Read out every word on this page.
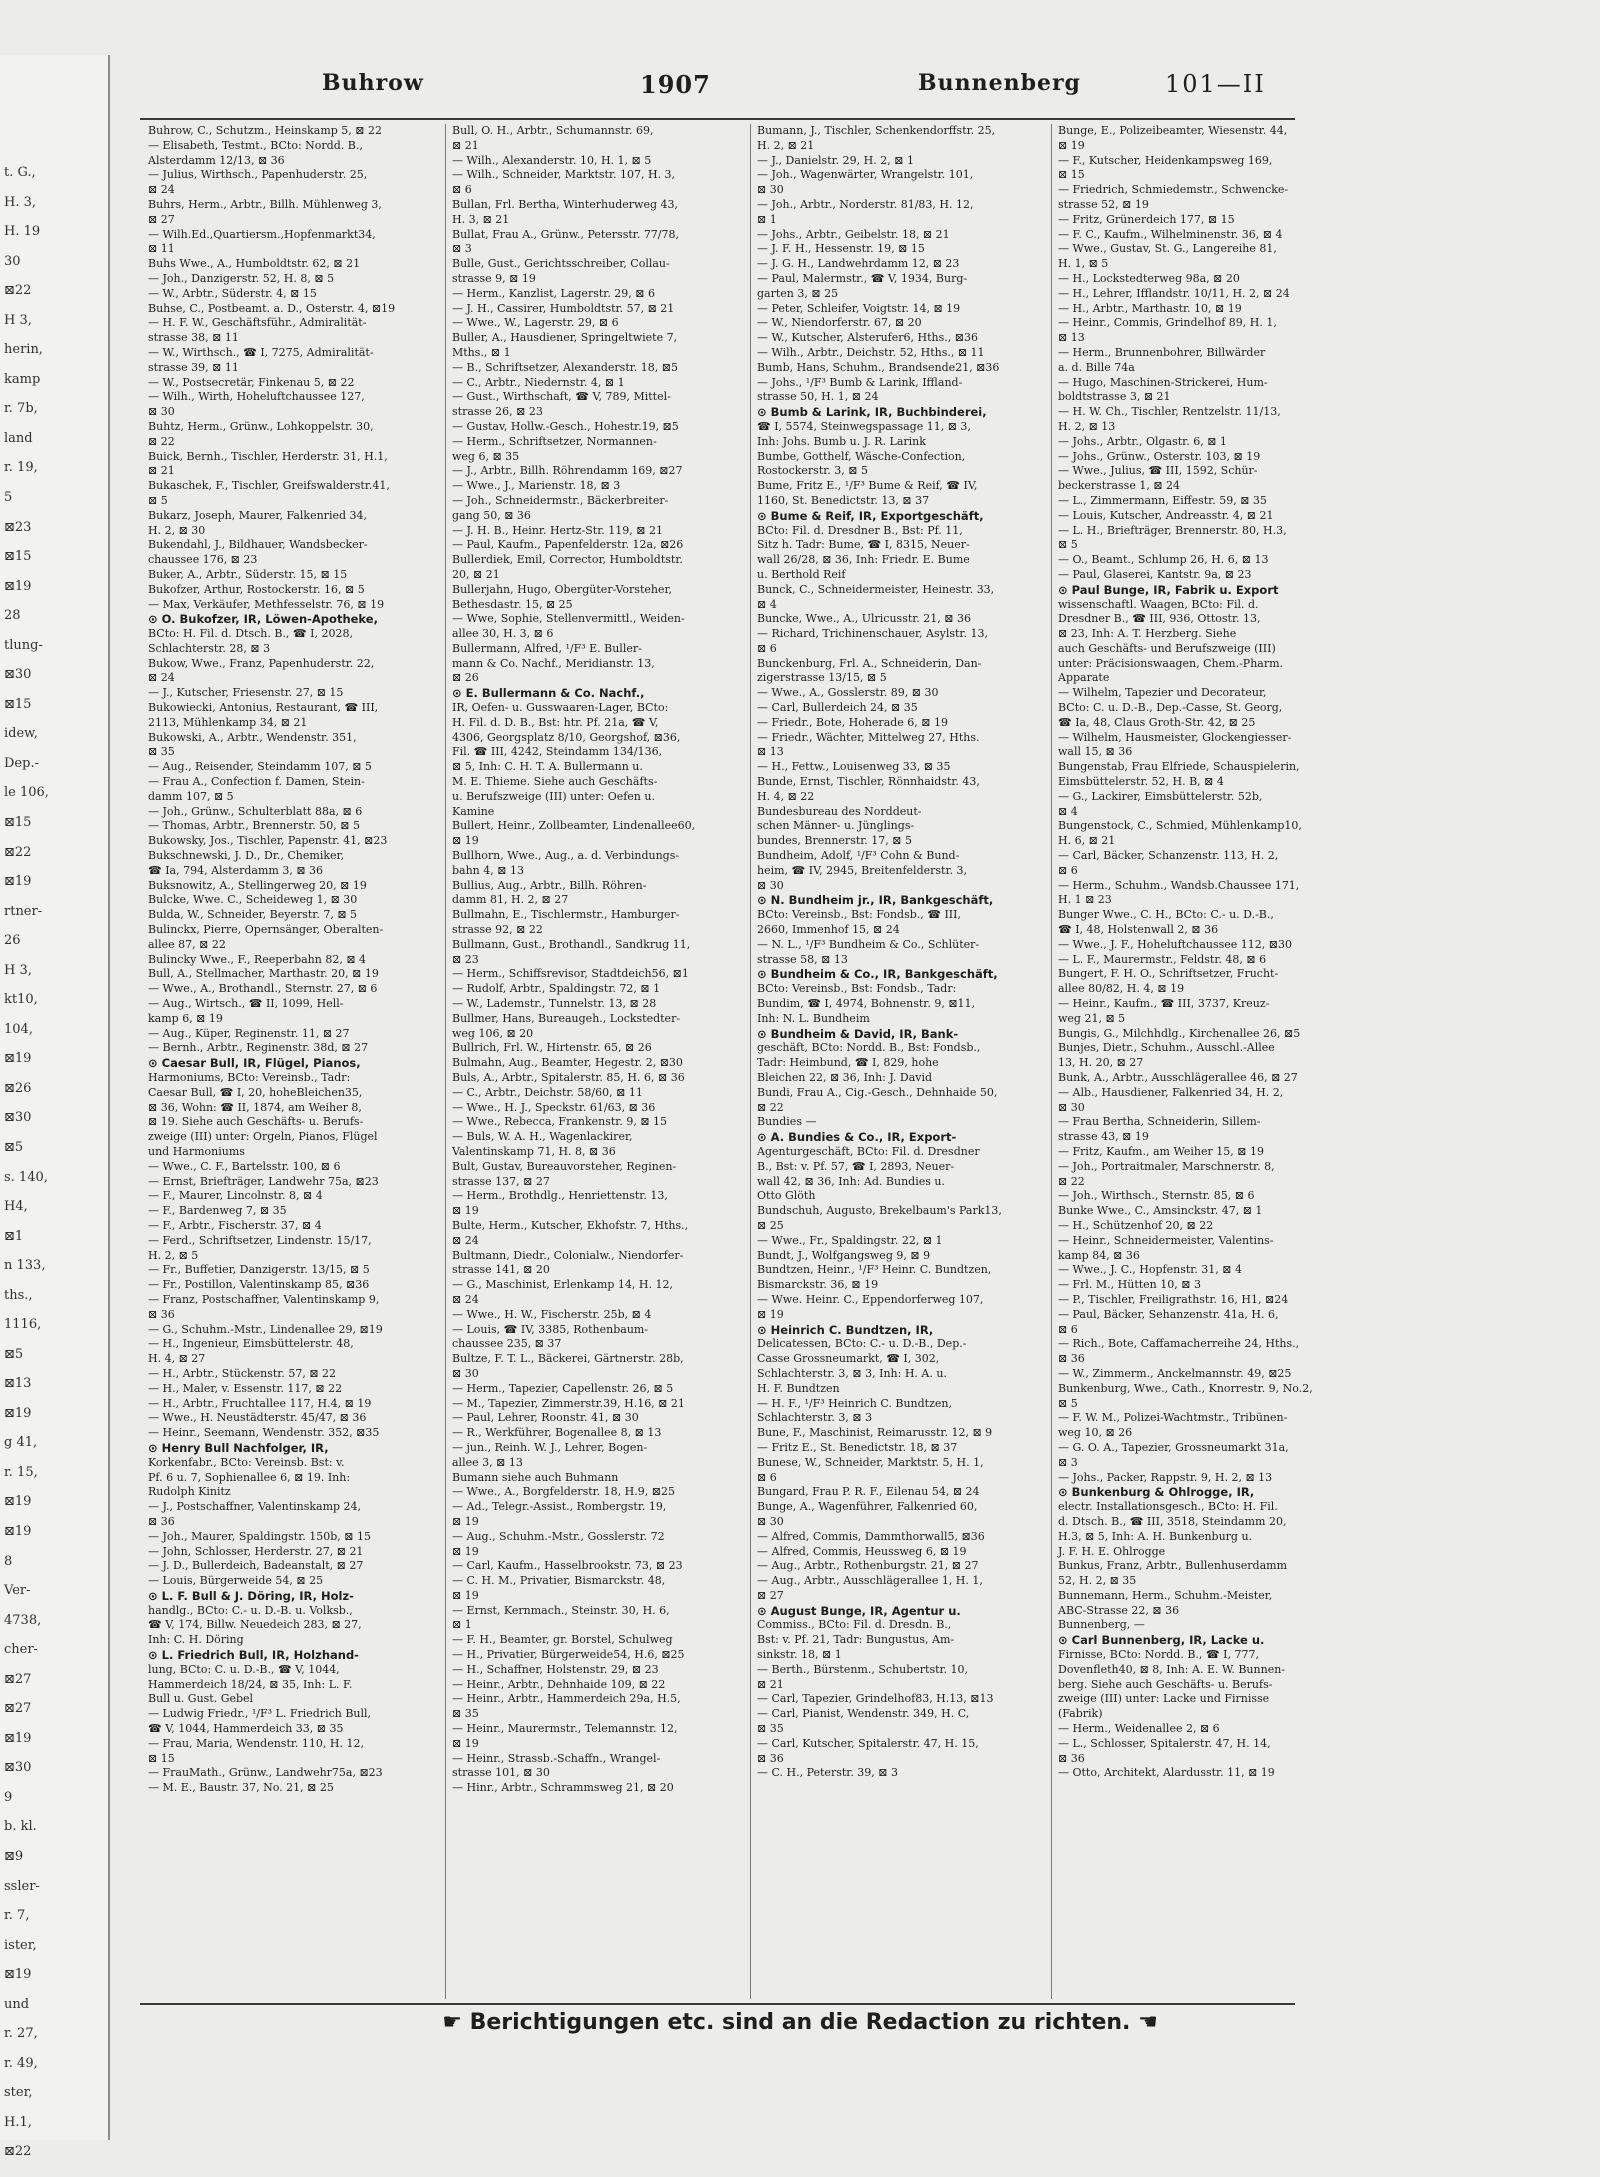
t. G.,
H. 3,
H. 19
30
⊠22
H 3,
herin,
kamp
r. 7b,
land
r. 19,
5
⊠23
⊠15
⊠19
28
tlung-
⊠30
⊠15
idew,
Dep.-
le 106,
⊠15
⊠22
⊠19
rtner-
26
H 3,
kt10,
104,
⊠19
⊠26
⊠30
⊠5
s. 140,
H4,
⊠1
n 133,
ths.,
1116,
⊠5
⊠13
⊠19
g 41,
r. 15,
⊠19
⊠19
8
Ver-
4738,
cher-
⊠27
⊠27
⊠19
⊠30
9
b. kl.
⊠9
ssler-
r. 7,
ister,
⊠19
und
r. 27,
r. 49,
ster,
H.1,
⊠22
Buhrow	1907	Bunnenberg	101—II

Buhrow, C., Schutzm., Heinskamp 5, ⊠ 22

— Elisabeth, Testmt., BCto: Nordd. B.,

Alsterdamm 12/13, ⊠ 36

— Julius, Wirthsch., Papenhuderstr. 25,

⊠ 24

Buhrs, Herm., Arbtr., Billh. Mühlenweg 3,

⊠ 27

— Wilh.Ed.,Quartiersm.,Hopfenmarkt34,

⊠ 11

Buhs Wwe., A., Humboldtstr. 62, ⊠ 21

— Joh., Danzigerstr. 52, H. 8, ⊠ 5

— W., Arbtr., Süderstr. 4, ⊠ 15

Buhse, C., Postbeamt. a. D., Osterstr. 4, ⊠19

— H. F. W., Geschäftsführ., Admiralität-

strasse 38, ⊠ 11

— W., Wirthsch., ☎ I, 7275, Admiralität-

strasse 39, ⊠ 11

— W., Postsecretär, Finkenau 5, ⊠ 22

— Wilh., Wirth, Hoheluftchaussee 127,

⊠ 30

Buhtz, Herm., Grünw., Lohkoppelstr. 30,

⊠ 22

Buick, Bernh., Tischler, Herderstr. 31, H.1,

⊠ 21

Bukaschek, F., Tischler, Greifswalderstr.41,

⊠ 5

Bukarz, Joseph, Maurer, Falkenried 34,

H. 2, ⊠ 30

Bukendahl, J., Bildhauer, Wandsbecker-

chaussee 176, ⊠ 23

Buker, A., Arbtr., Süderstr. 15, ⊠ 15

Bukofzer, Arthur, Rostockerstr. 16, ⊠ 5

— Max, Verkäufer, Methfesselstr. 76, ⊠ 19

⊙ O. Bukofzer, IR, Löwen-Apotheke,

BCto: H. Fil. d. Dtsch. B., ☎ I, 2028,

Schlachterstr. 28, ⊠ 3

Bukow, Wwe., Franz, Papenhuderstr. 22,

⊠ 24

— J., Kutscher, Friesenstr. 27, ⊠ 15

Bukowiecki, Antonius, Restaurant, ☎ III,

2113, Mühlenkamp 34, ⊠ 21

Bukowski, A., Arbtr., Wendenstr. 351,

⊠ 35

— Aug., Reisender, Steindamm 107, ⊠ 5

— Frau A., Confection f. Damen, Stein-

damm 107, ⊠ 5

— Joh., Grünw., Schulterblatt 88a, ⊠ 6

— Thomas, Arbtr., Brennerstr. 50, ⊠ 5

Bukowsky, Jos., Tischler, Papenstr. 41, ⊠23

Bukschnewski, J. D., Dr., Chemiker,

☎ Ia, 794, Alsterdamm 3, ⊠ 36

Buksnowitz, A., Stellingerweg 20, ⊠ 19

Bulcke, Wwe. C., Scheideweg 1, ⊠ 30

Bulda, W., Schneider, Beyerstr. 7, ⊠ 5

Bulinckx, Pierre, Opernsänger, Oberalten-

allee 87, ⊠ 22

Bulincky Wwe., F., Reeperbahn 82, ⊠ 4

Bull, A., Stellmacher, Marthastr. 20, ⊠ 19

— Wwe., A., Brothandl., Sternstr. 27, ⊠ 6

— Aug., Wirtsch., ☎ II, 1099, Hell-

kamp 6, ⊠ 19

— Aug., Küper, Reginenstr. 11, ⊠ 27

— Bernh., Arbtr., Reginenstr. 38d, ⊠ 27

⊙ Caesar Bull, IR, Flügel, Pianos,

Harmoniums, BCto: Vereinsb., Tadr:

Caesar Bull, ☎ I, 20, hoheBleichen35,

⊠ 36, Wohn: ☎ II, 1874, am Weiher 8,

⊠ 19. Siehe auch Geschäfts- u. Berufs-

zweige (III) unter: Orgeln, Pianos, Flügel

und Harmoniums

— Wwe., C. F., Bartelsstr. 100, ⊠ 6

— Ernst, Briefträger, Landwehr 75a, ⊠23

— F., Maurer, Lincolnstr. 8, ⊠ 4

— F., Bardenweg 7, ⊠ 35

— F., Arbtr., Fischerstr. 37, ⊠ 4

— Ferd., Schriftsetzer, Lindenstr. 15/17,

H. 2, ⊠ 5

— Fr., Buffetier, Danzigerstr. 13/15, ⊠ 5

— Fr., Postillon, Valentinskamp 85, ⊠36

— Franz, Postschaffner, Valentinskamp 9,

⊠ 36

— G., Schuhm.-Mstr., Lindenallee 29, ⊠19

— H., Ingenieur, Eimsbüttelerstr. 48,

H. 4, ⊠ 27

— H., Arbtr., Stückenstr. 57, ⊠ 22

— H., Maler, v. Essenstr. 117, ⊠ 22

— H., Arbtr., Fruchtallee 117, H.4, ⊠ 19

— Wwe., H. Neustädterstr. 45/47, ⊠ 36

— Heinr., Seemann, Wendenstr. 352, ⊠35

⊙ Henry Bull Nachfolger, IR,

Korkenfabr., BCto: Vereinsb. Bst: v.

Pf. 6 u. 7, Sophienallee 6, ⊠ 19. Inh:

Rudolph Kinitz

— J., Postschaffner, Valentinskamp 24,

⊠ 36

— Joh., Maurer, Spaldingstr. 150b, ⊠ 15

— John, Schlosser, Herderstr. 27, ⊠ 21

— J. D., Bullerdeich, Badeanstalt, ⊠ 27

— Louis, Bürgerweide 54, ⊠ 25

⊙ L. F. Bull & J. Döring, IR, Holz-

handlg., BCto: C.- u. D.-B. u. Volksb.,

☎ V, 174, Billw. Neuedeich 283, ⊠ 27,

Inh: C. H. Döring

⊙ L. Friedrich Bull, IR, Holzhand-

lung, BCto: C. u. D.-B., ☎ V, 1044,

Hammerdeich 18/24, ⊠ 35, Inh: L. F.

Bull u. Gust. Gebel

— Ludwig Friedr., ¹/F³ L. Friedrich Bull,

☎ V, 1044, Hammerdeich 33, ⊠ 35

— Frau, Maria, Wendenstr. 110, H. 12,

⊠ 15

— FrauMath., Grünw., Landwehr75a, ⊠23

— M. E., Baustr. 37, No. 21, ⊠ 25

Bull, O. H., Arbtr., Schumannstr. 69,

⊠ 21

— Wilh., Alexanderstr. 10, H. 1, ⊠ 5

— Wilh., Schneider, Marktstr. 107, H. 3,

⊠ 6

Bullan, Frl. Bertha, Winterhuderweg 43,

H. 3, ⊠ 21

Bullat, Frau A., Grünw., Petersstr. 77/78,

⊠ 3

Bulle, Gust., Gerichtsschreiber, Collau-

strasse 9, ⊠ 19

— Herm., Kanzlist, Lagerstr. 29, ⊠ 6

— J. H., Cassirer, Humboldtstr. 57, ⊠ 21

— Wwe., W., Lagerstr. 29, ⊠ 6

Buller, A., Hausdiener, Springeltwiete 7,

Mths., ⊠ 1

— B., Schriftsetzer, Alexanderstr. 18, ⊠5

— C., Arbtr., Niedernstr. 4, ⊠ 1

— Gust., Wirthschaft, ☎ V, 789, Mittel-

strasse 26, ⊠ 23

— Gustav, Hollw.-Gesch., Hohestr.19, ⊠5

— Herm., Schriftsetzer, Normannen-

weg 6, ⊠ 35

— J., Arbtr., Billh. Röhrendamm 169, ⊠27

— Wwe., J., Marienstr. 18, ⊠ 3

— Joh., Schneidermstr., Bäckerbreiter-

gang 50, ⊠ 36

— J. H. B., Heinr. Hertz-Str. 119, ⊠ 21

— Paul, Kaufm., Papenfelderstr. 12a, ⊠26

Bullerdiek, Emil, Corrector, Humboldtstr.

20, ⊠ 21

Bullerjahn, Hugo, Obergüter-Vorsteher,

Bethesdastr. 15, ⊠ 25

— Wwe, Sophie, Stellenvermittl., Weiden-

allee 30, H. 3, ⊠ 6

Bullermann, Alfred, ¹/F³ E. Buller-

mann & Co. Nachf., Meridianstr. 13,

⊠ 26

⊙ E. Bullermann & Co. Nachf.,

IR, Oefen- u. Gusswaaren-Lager, BCto:

H. Fil. d. D. B., Bst: htr. Pf. 21a, ☎ V,

4306, Georgsplatz 8/10, Georgshof, ⊠36,

Fil. ☎ III, 4242, Steindamm 134/136,

⊠ 5, Inh: C. H. T. A. Bullermann u.

M. E. Thieme. Siehe auch Geschäfts-

u. Berufszweige (III) unter: Oefen u.

Kamine

Bullert, Heinr., Zollbeamter, Lindenallee60,

⊠ 19

Bullhorn, Wwe., Aug., a. d. Verbindungs-

bahn 4, ⊠ 13

Bullius, Aug., Arbtr., Billh. Röhren-

damm 81, H. 2, ⊠ 27

Bullmahn, E., Tischlermstr., Hamburger-

strasse 92, ⊠ 22

Bullmann, Gust., Brothandl., Sandkrug 11,

⊠ 23

— Herm., Schiffsrevisor, Stadtdeich56, ⊠1

— Rudolf, Arbtr., Spaldingstr. 72, ⊠ 1

— W., Lademstr., Tunnelstr. 13, ⊠ 28

Bullmer, Hans, Bureaugeh., Lockstedter-

weg 106, ⊠ 20

Bullrich, Frl. W., Hirtenstr. 65, ⊠ 26

Bulmahn, Aug., Beamter, Hegestr. 2, ⊠30

Buls, A., Arbtr., Spitalerstr. 85, H. 6, ⊠ 36

— C., Arbtr., Deichstr. 58/60, ⊠ 11

— Wwe., H. J., Speckstr. 61/63, ⊠ 36

— Wwe., Rebecca, Frankenstr. 9, ⊠ 15

— Buls, W. A. H., Wagenlackirer,

Valentinskamp 71, H. 8, ⊠ 36

Bult, Gustav, Bureauvorsteher, Reginen-

strasse 137, ⊠ 27

— Herm., Brothdlg., Henriettenstr. 13,

⊠ 19

Bulte, Herm., Kutscher, Ekhofstr. 7, Hths.,

⊠ 24

Bultmann, Diedr., Colonialw., Niendorfer-

strasse 141, ⊠ 20

— G., Maschinist, Erlenkamp 14, H. 12,

⊠ 24

— Wwe., H. W., Fischerstr. 25b, ⊠ 4

— Louis, ☎ IV, 3385, Rothenbaum-

chaussee 235, ⊠ 37

Bultze, F. T. L., Bäckerei, Gärtnerstr. 28b,

⊠ 30

— Herm., Tapezier, Capellenstr. 26, ⊠ 5

— M., Tapezier, Zimmerstr.39, H.16, ⊠ 21

— Paul, Lehrer, Roonstr. 41, ⊠ 30

— R., Werkführer, Bogenallee 8, ⊠ 13

— jun., Reinh. W. J., Lehrer, Bogen-

allee 3, ⊠ 13

Bumann siehe auch Buhmann

— Wwe., A., Borgfelderstr. 18, H.9, ⊠25

— Ad., Telegr.-Assist., Rombergstr. 19,

⊠ 19

— Aug., Schuhm.-Mstr., Gosslerstr. 72

⊠ 19

— Carl, Kaufm., Hasselbrookstr. 73, ⊠ 23

— C. H. M., Privatier, Bismarckstr. 48,

⊠ 19

— Ernst, Kernmach., Steinstr. 30, H. 6,

⊠ 1

— F. H., Beamter, gr. Borstel, Schulweg

— H., Privatier, Bürgerweide54, H.6, ⊠25

— H., Schaffner, Holstenstr. 29, ⊠ 23

— Heinr., Arbtr., Dehnhaide 109, ⊠ 22

— Heinr., Arbtr., Hammerdeich 29a, H.5,

⊠ 35

— Heinr., Maurermstr., Telemannstr. 12,

⊠ 19

— Heinr., Strassb.-Schaffn., Wrangel-

strasse 101, ⊠ 30

— Hinr., Arbtr., Schrammsweg 21, ⊠ 20

Bumann, J., Tischler, Schenkendorffstr. 25,

H. 2, ⊠ 21

— J., Danielstr. 29, H. 2, ⊠ 1

— Joh., Wagenwärter, Wrangelstr. 101,

⊠ 30

— Joh., Arbtr., Norderstr. 81/83, H. 12,

⊠ 1

— Johs., Arbtr., Geibelstr. 18, ⊠ 21

— J. F. H., Hessenstr. 19, ⊠ 15

— J. G. H., Landwehrdamm 12, ⊠ 23

— Paul, Malermstr., ☎ V, 1934, Burg-

garten 3, ⊠ 25

— Peter, Schleifer, Voigtstr. 14, ⊠ 19

— W., Niendorferstr. 67, ⊠ 20

— W., Kutscher, Alsterufer6, Hths., ⊠36

— Wilh., Arbtr., Deichstr. 52, Hths., ⊠ 11

Bumb, Hans, Schuhm., Brandsende21, ⊠36

— Johs., ¹/F³ Bumb & Larink, Iffland-

strasse 50, H. 1, ⊠ 24

⊙ Bumb & Larink, IR, Buchbinderei,

☎ I, 5574, Steinwegspassage 11, ⊠ 3,

Inh: Johs. Bumb u. J. R. Larink

Bumbe, Gotthelf, Wäsche-Confection,

Rostockerstr. 3, ⊠ 5

Bume, Fritz E., ¹/F³ Bume & Reif, ☎ IV,

1160, St. Benedictstr. 13, ⊠ 37

⊙ Bume & Reif, IR, Exportgeschäft,

BCto: Fil. d. Dresdner B., Bst: Pf. 11,

Sitz h. Tadr: Bume, ☎ I, 8315, Neuer-

wall 26/28, ⊠ 36, Inh: Friedr. E. Bume

u. Berthold Reif

Bunck, C., Schneidermeister, Heinestr. 33,

⊠ 4

Buncke, Wwe., A., Ulricusstr. 21, ⊠ 36

— Richard, Trichinenschauer, Asylstr. 13,

⊠ 6

Bunckenburg, Frl. A., Schneiderin, Dan-

zigerstrasse 13/15, ⊠ 5

— Wwe., A., Gosslerstr. 89, ⊠ 30

— Carl, Bullerdeich 24, ⊠ 35

— Friedr., Bote, Hoherade 6, ⊠ 19

— Friedr., Wächter, Mittelweg 27, Hths.

⊠ 13

— H., Fettw., Louisenweg 33, ⊠ 35

Bunde, Ernst, Tischler, Rönnhaidstr. 43,

H. 4, ⊠ 22

Bundesbureau des Norddeut-

schen Männer- u. Jünglings-

bundes, Brennerstr. 17, ⊠ 5

Bundheim, Adolf, ¹/F³ Cohn & Bund-

heim, ☎ IV, 2945, Breitenfelderstr. 3,

⊠ 30

⊙ N. Bundheim jr., IR, Bankgeschäft,

BCto: Vereinsb., Bst: Fondsb., ☎ III,

2660, Immenhof 15, ⊠ 24

— N. L., ¹/F³ Bundheim & Co., Schlüter-

strasse 58, ⊠ 13

⊙ Bundheim & Co., IR, Bankgeschäft,

BCto: Vereinsb., Bst: Fondsb., Tadr:

Bundim, ☎ I, 4974, Bohnenstr. 9, ⊠11,

Inh: N. L. Bundheim

⊙ Bundheim & David, IR, Bank-

geschäft, BCto: Nordd. B., Bst: Fondsb.,

Tadr: Heimbund, ☎ I, 829, hohe

Bleichen 22, ⊠ 36, Inh: J. David

Bundi, Frau A., Cig.-Gesch., Dehnhaide 50,

⊠ 22

Bundies —

⊙ A. Bundies & Co., IR, Export-

Agenturgeschäft, BCto: Fil. d. Dresdner

B., Bst: v. Pf. 57, ☎ I, 2893, Neuer-

wall 42, ⊠ 36, Inh: Ad. Bundies u.

Otto Glöth

Bundschuh, Augusto, Brekelbaum's Park13,

⊠ 25

— Wwe., Fr., Spaldingstr. 22, ⊠ 1

Bundt, J., Wolfgangsweg 9, ⊠ 9

Bundtzen, Heinr., ¹/F³ Heinr. C. Bundtzen,

Bismarckstr. 36, ⊠ 19

— Wwe. Heinr. C., Eppendorferweg 107,

⊠ 19

⊙ Heinrich C. Bundtzen, IR,

Delicatessen, BCto: C.- u. D.-B., Dep.-

Casse Grossneumarkt, ☎ I, 302,

Schlachterstr. 3, ⊠ 3, Inh: H. A. u.

H. F. Bundtzen

— H. F., ¹/F³ Heinrich C. Bundtzen,

Schlachterstr. 3, ⊠ 3

Bune, F., Maschinist, Reimarusstr. 12, ⊠ 9

— Fritz E., St. Benedictstr. 18, ⊠ 37

Bunese, W., Schneider, Marktstr. 5, H. 1,

⊠ 6

Bungard, Frau P. R. F., Eilenau 54, ⊠ 24

Bunge, A., Wagenführer, Falkenried 60,

⊠ 30

— Alfred, Commis, Dammthorwall5, ⊠36

— Alfred, Commis, Heussweg 6, ⊠ 19

— Aug., Arbtr., Rothenburgstr. 21, ⊠ 27

— Aug., Arbtr., Ausschlägerallee 1, H. 1,

⊠ 27

⊙ August Bunge, IR, Agentur u.

Commiss., BCto: Fil. d. Dresdn. B.,

Bst: v. Pf. 21, Tadr: Bungustus, Am-

sinkstr. 18, ⊠ 1

— Berth., Bürstenm., Schubertstr. 10,

⊠ 21

— Carl, Tapezier, Grindelhof83, H.13, ⊠13

— Carl, Pianist, Wendenstr. 349, H. C,

⊠ 35

— Carl, Kutscher, Spitalerstr. 47, H. 15,

⊠ 36

— C. H., Peterstr. 39, ⊠ 3

Bunge, E., Polizeibeamter, Wiesenstr. 44,

⊠ 19

— F., Kutscher, Heidenkampsweg 169,

⊠ 15

— Friedrich, Schmiedemstr., Schwencke-

strasse 52, ⊠ 19

— Fritz, Grünerdeich 177, ⊠ 15

— F. C., Kaufm., Wilhelminenstr. 36, ⊠ 4

— Wwe., Gustav, St. G., Langereihe 81,

H. 1, ⊠ 5

— H., Lockstedterweg 98a, ⊠ 20

— H., Lehrer, Ifflandstr. 10/11, H. 2, ⊠ 24

— H., Arbtr., Marthastr. 10, ⊠ 19

— Heinr., Commis, Grindelhof 89, H. 1,

⊠ 13

— Herm., Brunnenbohrer, Billwärder

a. d. Bille 74a

— Hugo, Maschinen-Strickerei, Hum-

boldtstrasse 3, ⊠ 21

— H. W. Ch., Tischler, Rentzelstr. 11/13,

H. 2, ⊠ 13

— Johs., Arbtr., Olgastr. 6, ⊠ 1

— Johs., Grünw., Osterstr. 103, ⊠ 19

— Wwe., Julius, ☎ III, 1592, Schür-

beckerstrasse 1, ⊠ 24

— L., Zimmermann, Eiffestr. 59, ⊠ 35

— Louis, Kutscher, Andreasstr. 4, ⊠ 21

— L. H., Briefträger, Brennerstr. 80, H.3,

⊠ 5

— O., Beamt., Schlump 26, H. 6, ⊠ 13

— Paul, Glaserei, Kantstr. 9a, ⊠ 23

⊙ Paul Bunge, IR, Fabrik u. Export

wissenschaftl. Waagen, BCto: Fil. d.

Dresdner B., ☎ III, 936, Ottostr. 13,

⊠ 23, Inh: A. T. Herzberg. Siehe

auch Geschäfts- und Berufszweige (III)

unter: Präcisionswaagen, Chem.-Pharm.

Apparate

— Wilhelm, Tapezier und Decorateur,

BCto: C. u. D.-B., Dep.-Casse, St. Georg,

☎ Ia, 48, Claus Groth-Str. 42, ⊠ 25

— Wilhelm, Hausmeister, Glockengiesser-

wall 15, ⊠ 36

Bungenstab, Frau Elfriede, Schauspielerin,

Eimsbüttelerstr. 52, H. B, ⊠ 4

— G., Lackirer, Eimsbüttelerstr. 52b,

⊠ 4

Bungenstock, C., Schmied, Mühlenkamp10,

H. 6, ⊠ 21

— Carl, Bäcker, Schanzenstr. 113, H. 2,

⊠ 6

— Herm., Schuhm., Wandsb.Chaussee 171,

H. 1 ⊠ 23

Bunger Wwe., C. H., BCto: C.- u. D.-B.,

☎ I, 48, Holstenwall 2, ⊠ 36

— Wwe., J. F., Hoheluftchaussee 112, ⊠30

— L. F., Maurermstr., Feldstr. 48, ⊠ 6

Bungert, F. H. O., Schriftsetzer, Frucht-

allee 80/82, H. 4, ⊠ 19

— Heinr., Kaufm., ☎ III, 3737, Kreuz-

weg 21, ⊠ 5

Bungis, G., Milchhdlg., Kirchenallee 26, ⊠5

Bunjes, Dietr., Schuhm., Ausschl.-Allee

13, H. 20, ⊠ 27

Bunk, A., Arbtr., Ausschlägerallee 46, ⊠ 27

— Alb., Hausdiener, Falkenried 34, H. 2,

⊠ 30

— Frau Bertha, Schneiderin, Sillem-

strasse 43, ⊠ 19

— Fritz, Kaufm., am Weiher 15, ⊠ 19

— Joh., Portraitmaler, Marschnerstr. 8,

⊠ 22

— Joh., Wirthsch., Sternstr. 85, ⊠ 6

Bunke Wwe., C., Amsinckstr. 47, ⊠ 1

— H., Schützenhof 20, ⊠ 22

— Heinr., Schneidermeister, Valentins-

kamp 84, ⊠ 36

— Wwe., J. C., Hopfenstr. 31, ⊠ 4

— Frl. M., Hütten 10, ⊠ 3

— P., Tischler, Freiligrathstr. 16, H1, ⊠24

— Paul, Bäcker, Sehanzenstr. 41a, H. 6,

⊠ 6

— Rich., Bote, Caffamacherreihe 24, Hths.,

⊠ 36

— W., Zimmerm., Anckelmannstr. 49, ⊠25

Bunkenburg, Wwe., Cath., Knorrestr. 9, No.2,

⊠ 5

— F. W. M., Polizei-Wachtmstr., Tribünen-

weg 10, ⊠ 26

— G. O. A., Tapezier, Grossneumarkt 31a,

⊠ 3

— Johs., Packer, Rappstr. 9, H. 2, ⊠ 13

⊙ Bunkenburg & Ohlrogge, IR,

electr. Installationsgesch., BCto: H. Fil.

d. Dtsch. B., ☎ III, 3518, Steindamm 20,

H.3, ⊠ 5, Inh: A. H. Bunkenburg u.

J. F. H. E. Ohlrogge

Bunkus, Franz, Arbtr., Bullenhuserdamm

52, H. 2, ⊠ 35

Bunnemann, Herm., Schuhm.-Meister,

ABC-Strasse 22, ⊠ 36

Bunnenberg, —

⊙ Carl Bunnenberg, IR, Lacke u.

Firnisse, BCto: Nordd. B., ☎ I, 777,

Dovenfleth40, ⊠ 8, Inh: A. E. W. Bunnen-

berg. Siehe auch Geschäfts- u. Berufs-

zweige (III) unter: Lacke und Firnisse

(Fabrik)

— Herm., Weidenallee 2, ⊠ 6

— L., Schlosser, Spitalerstr. 47, H. 14,

⊠ 36

— Otto, Architekt, Alardusstr. 11, ⊠ 19

☛ Berichtigungen etc. sind an die Redaction zu richten. ☚
